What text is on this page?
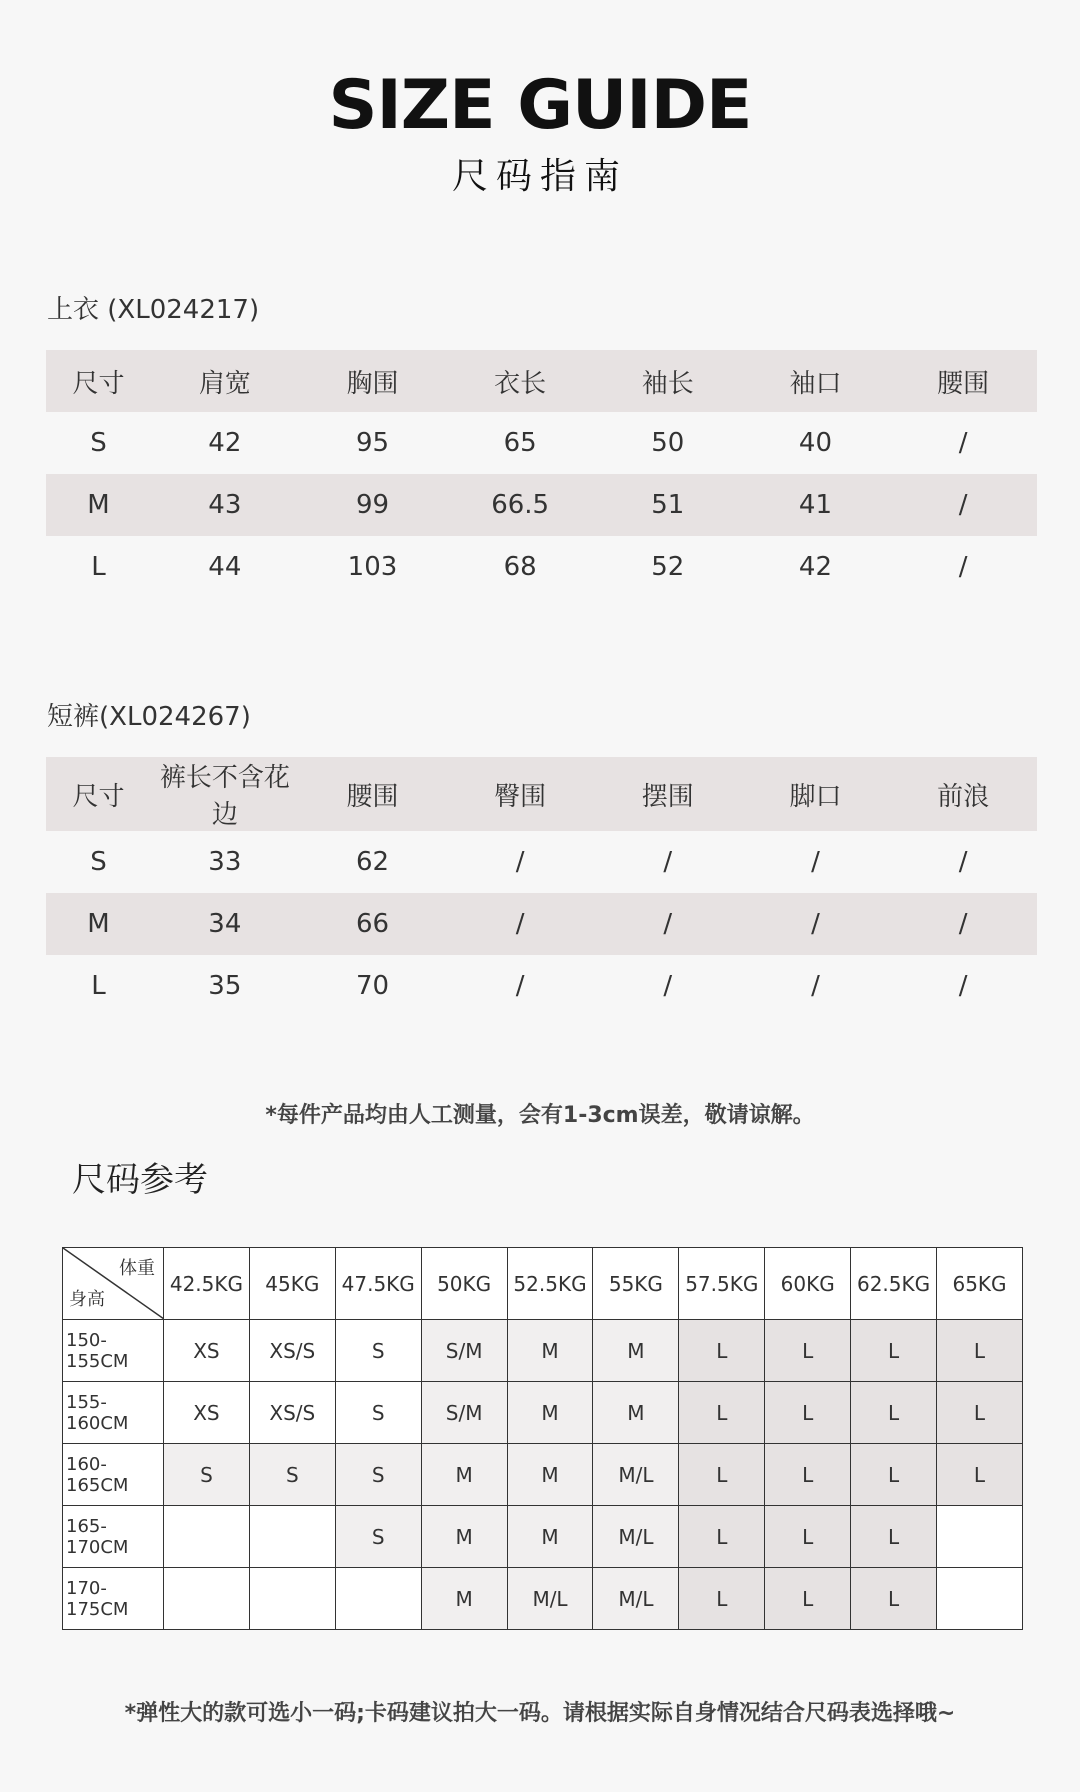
SIZE GUIDE
尺码指南
上衣 (XL024217)
尺寸	肩宽	胸围	衣长	袖长	袖口	腰围
S	42	95	65	50	40	/
M	43	99	66.5	51	41	/
L	44	103	68	52	42	/
短裤(XL024267)
尺寸	裤长不含花边	腰围	臀围	摆围	脚口	前浪
S	33	62	/	/	/	/
M	34	66	/	/	/	/
L	35	70	/	/	/	/
*每件产品均由人工测量，会有1-3cm误差，敬请谅解。
尺码参考
体重
身高	42.5KG	45KG	47.5KG	50KG	52.5KG	55KG	57.5KG	60KG	62.5KG	65KG
150-155CM	XS	XS/S	S	S/M	M	M	L	L	L	L
155-160CM	XS	XS/S	S	S/M	M	M	L	L	L	L
160-165CM	S	S	S	M	M	M/L	L	L	L	L
165-170CM			S	M	M	M/L	L	L	L	
170-175CM				M	M/L	M/L	L	L	L	
*弹性大的款可选小一码;卡码建议拍大一码。请根据实际自身情况结合尺码表选择哦~
